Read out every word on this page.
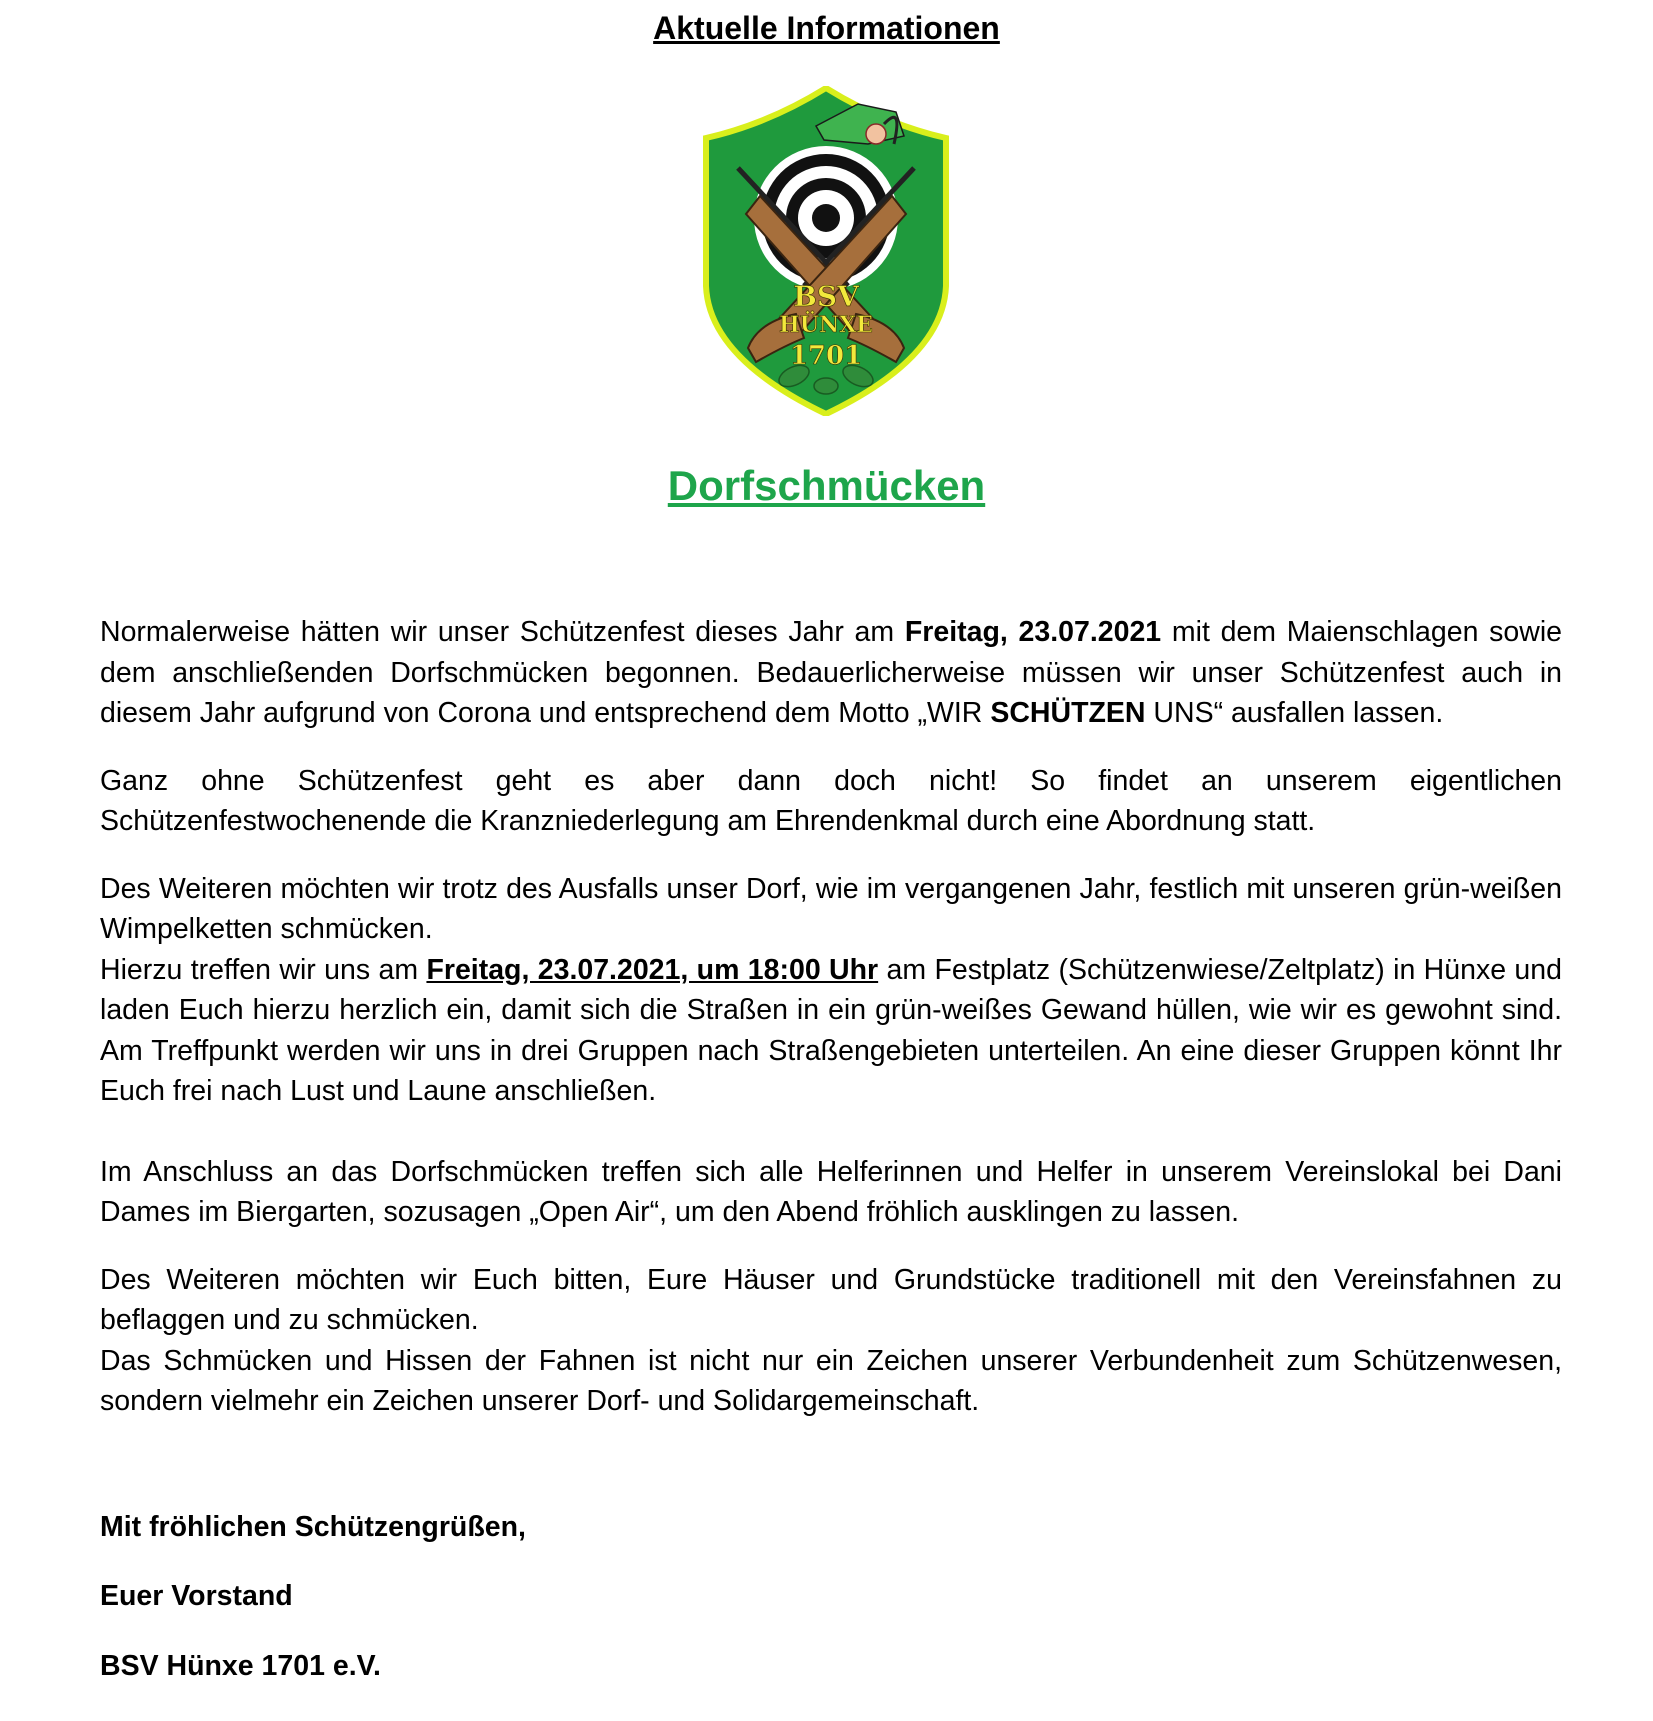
Aktuelle Informationen
BSV
HÜNXE
1701
Dorfschmücken

Normalerweise hätten wir unser Schützenfest dieses Jahr am Freitag, 23.07.2021 mit dem Maienschlagen sowie dem anschließenden Dorfschmücken begonnen. Bedauerlicherweise müssen wir unser Schützenfest auch in diesem Jahr aufgrund von Corona und entsprechend dem Motto „WIR SCHÜTZEN UNS“ ausfallen lassen.

Ganz ohne Schützenfest geht es aber dann doch nicht! So findet an unserem eigentlichen Schützenfestwochenende die Kranzniederlegung am Ehrendenkmal durch eine Abordnung statt.

Des Weiteren möchten wir trotz des Ausfalls unser Dorf, wie im vergangenen Jahr, festlich mit unseren grün-weißen Wimpelketten schmücken.

Hierzu treffen wir uns am Freitag, 23.07.2021, um 18:00 Uhr am Festplatz (Schützenwiese/Zeltplatz) in Hünxe und laden Euch hierzu herzlich ein, damit sich die Straßen in ein grün-weißes Gewand hüllen, wie wir es gewohnt sind. Am Treffpunkt werden wir uns in drei Gruppen nach Straßengebieten unterteilen. An eine dieser Gruppen könnt Ihr Euch frei nach Lust und Laune anschließen.

Im Anschluss an das Dorfschmücken treffen sich alle Helferinnen und Helfer in unserem Vereinslokal bei Dani Dames im Biergarten, sozusagen „Open Air“, um den Abend fröhlich ausklingen zu lassen.

Des Weiteren möchten wir Euch bitten, Eure Häuser und Grundstücke traditionell mit den Vereinsfahnen zu beflaggen und zu schmücken.

Das Schmücken und Hissen der Fahnen ist nicht nur ein Zeichen unserer Verbundenheit zum Schützenwesen, sondern vielmehr ein Zeichen unserer Dorf- und Solidargemeinschaft.

Mit fröhlichen Schützengrüßen,

Euer Vorstand

BSV Hünxe 1701 e.V.
